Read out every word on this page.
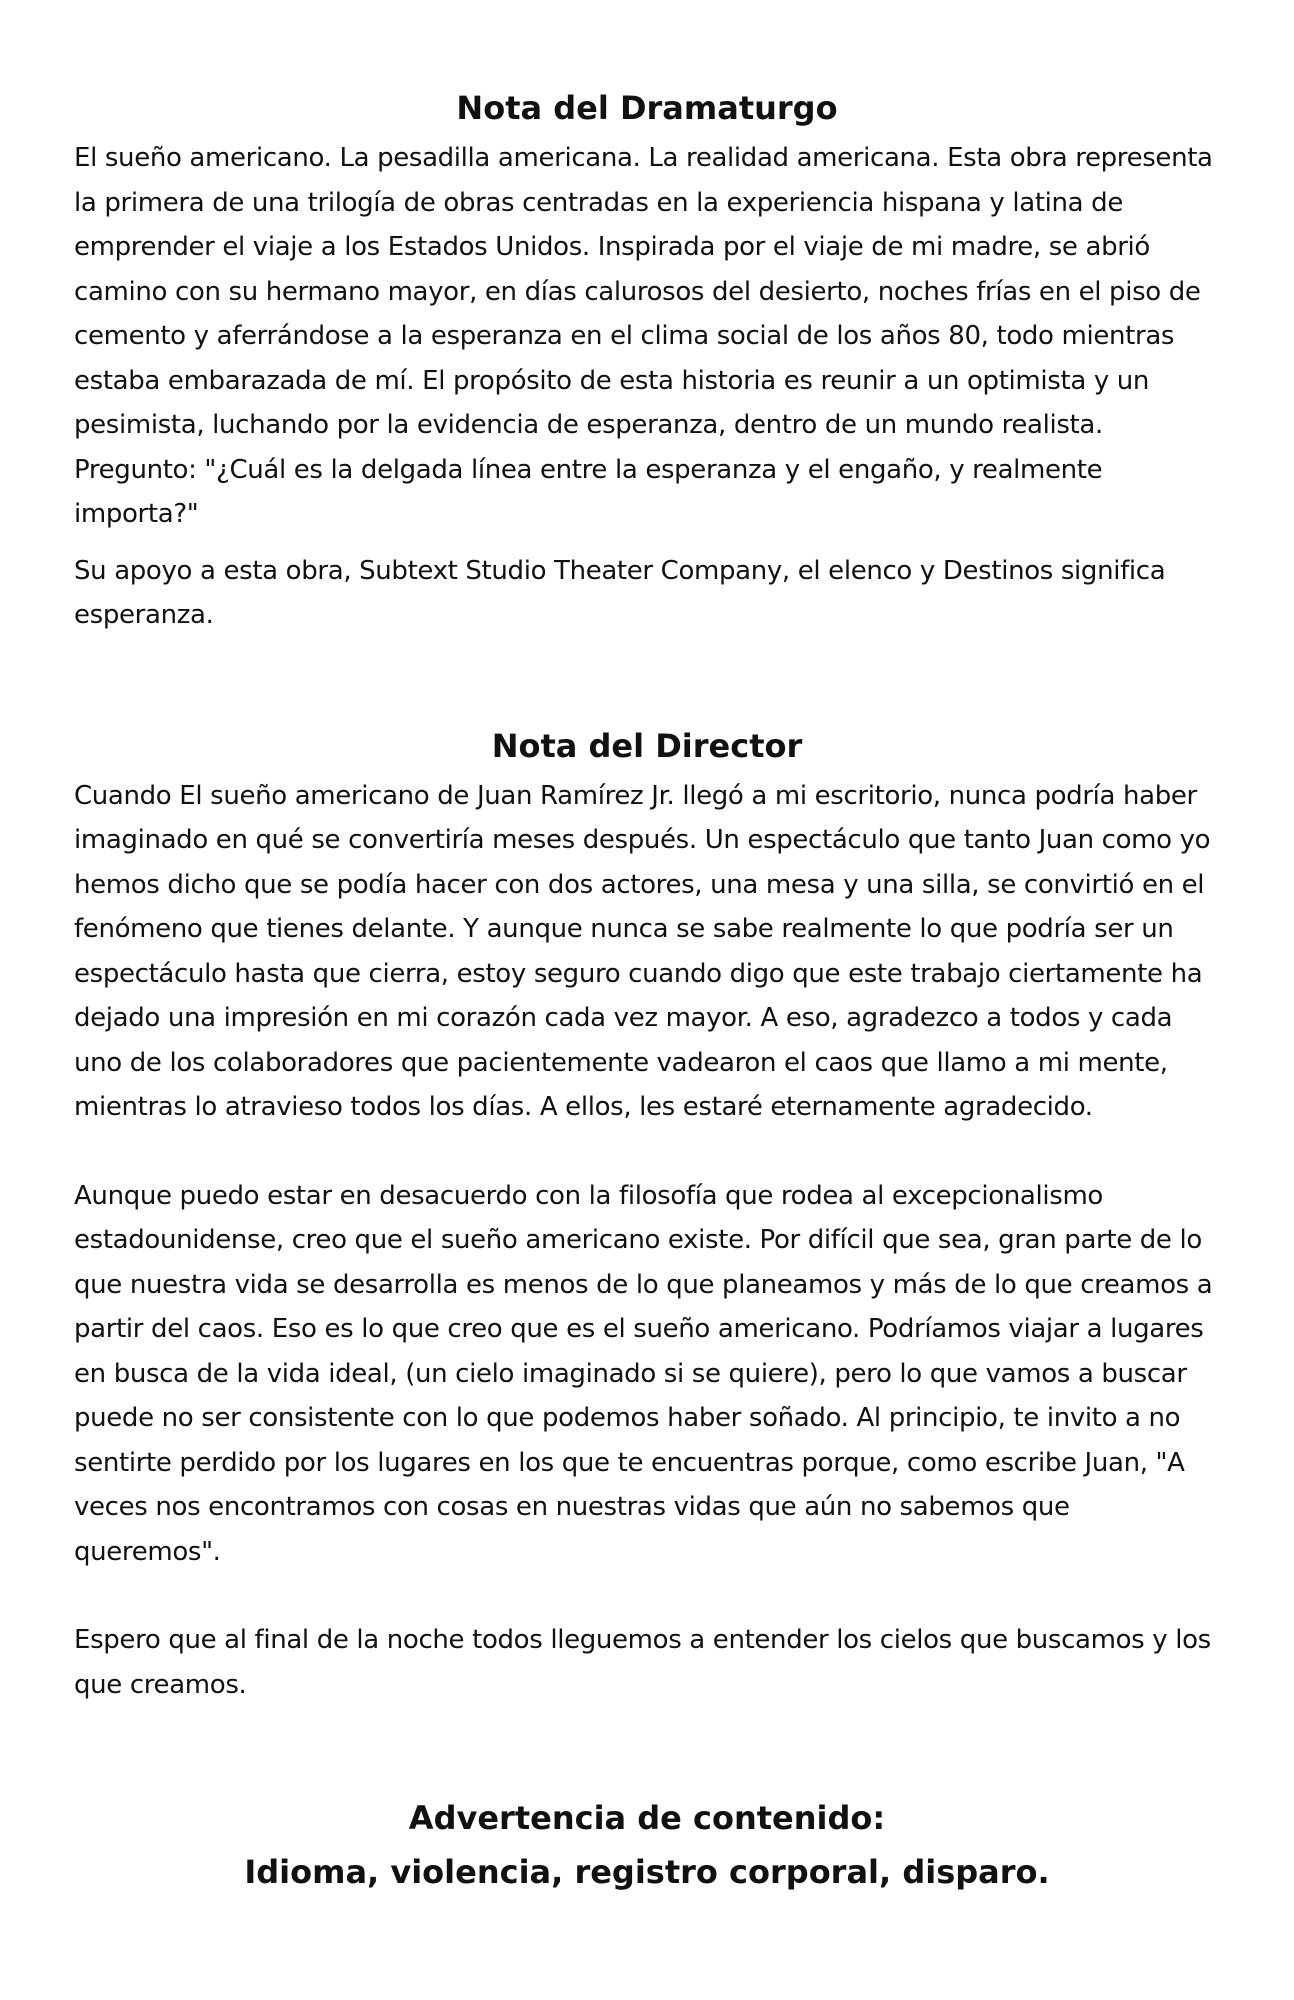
Nota del Dramaturgo

El sueño americano. La pesadilla americana. La realidad americana. Esta obra representa la primera de una trilogía de obras centradas en la experiencia hispana y latina de emprender el viaje a los Estados Unidos. Inspirada por el viaje de mi madre, se abrió camino con su hermano mayor, en días calurosos del desierto, noches frías en el piso de cemento y aferrándose a la esperanza en el clima social de los años 80, todo mientras estaba embarazada de mí. El propósito de esta historia es reunir a un optimista y un pesimista, luchando por la evidencia de esperanza, dentro de un mundo realista. Pregunto: "¿Cuál es la delgada línea entre la esperanza y el engaño, y realmente importa?"

Su apoyo a esta obra, Subtext Studio Theater Company, el elenco y Destinos significa esperanza.

Nota del Director

Cuando El sueño americano de Juan Ramírez Jr. llegó a mi escritorio, nunca podría haber imaginado en qué se convertiría meses después. Un espectáculo que tanto Juan como yo hemos dicho que se podía hacer con dos actores, una mesa y una silla, se convirtió en el fenómeno que tienes delante. Y aunque nunca se sabe realmente lo que podría ser un espectáculo hasta que cierra, estoy seguro cuando digo que este trabajo ciertamente ha dejado una impresión en mi corazón cada vez mayor. A eso, agradezco a todos y cada uno de los colaboradores que pacientemente vadearon el caos que llamo a mi mente, mientras lo atravieso todos los días. A ellos, les estaré eternamente agradecido.

Aunque puedo estar en desacuerdo con la filosofía que rodea al excepcionalismo estadounidense, creo que el sueño americano existe. Por difícil que sea, gran parte de lo que nuestra vida se desarrolla es menos de lo que planeamos y más de lo que creamos a partir del caos. Eso es lo que creo que es el sueño americano. Podríamos viajar a lugares en busca de la vida ideal, (un cielo imaginado si se quiere), pero lo que vamos a buscar puede no ser consistente con lo que podemos haber soñado. Al principio, te invito a no sentirte perdido por los lugares en los que te encuentras porque, como escribe Juan, "A veces nos encontramos con cosas en nuestras vidas que aún no sabemos que queremos".

Espero que al final de la noche todos lleguemos a entender los cielos que buscamos y los que creamos.

Advertencia de contenido:

Idioma, violencia, registro corporal, disparo.
